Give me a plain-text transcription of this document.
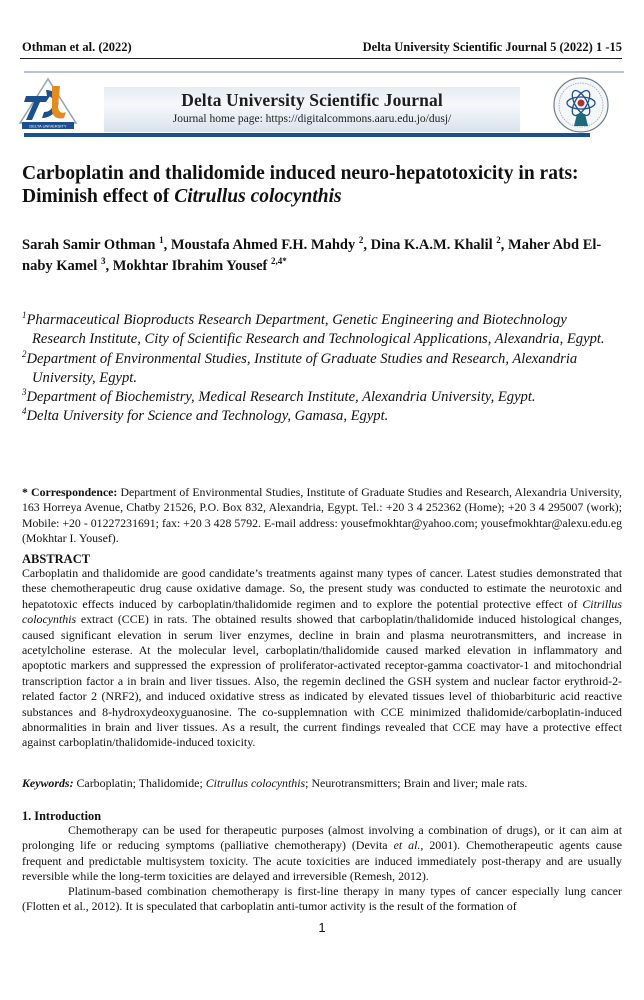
Othman et al. (2022)	Delta University Scientific Journal 5 (2022) 1 -15
DELTA UNIVERSITY
Delta University Scientific Journal
Journal home page: https://digitalcommons.aaru.edu.jo/dusj/
Carboplatin and thalidomide induced neuro-hepatotoxicity in rats: Diminish effect of Citrullus colocynthis
Sarah Samir Othman $^1$, Moustafa Ahmed F.H. Mahdy $^2$, Dina K.A.M. Khalil $^2$, Maher Abd El-naby Kamel $^3$, Mokhtar Ibrahim Yousef $^{2,4*}$
$^1$Pharmaceutical Bioproducts Research Department, Genetic Engineering and Biotechnology Research Institute, City of Scientific Research and Technological Applications, Alexandria, Egypt.
$^2$Department of Environmental Studies, Institute of Graduate Studies and Research, Alexandria University, Egypt.
$^3$Department of Biochemistry, Medical Research Institute, Alexandria University, Egypt.
$^4$Delta University for Science and Technology, Gamasa, Egypt.
* Correspondence: Department of Environmental Studies, Institute of Graduate Studies and Research, Alexandria University, 163 Horreya Avenue, Chatby 21526, P.O. Box 832, Alexandria, Egypt. Tel.: +20 3 4 252362 (Home); +20 3 4 295007 (work); Mobile: +20 - 01227231691; fax: +20 3 428 5792. E-mail address: yousefmokhtar@yahoo.com; yousefmokhtar@alexu.edu.eg (Mokhtar I. Yousef).
ABSTRACT
Carboplatin and thalidomide are good candidate’s treatments against many types of cancer. Latest studies demonstrated that these chemotherapeutic drug cause oxidative damage. So, the present study was conducted to estimate the neurotoxic and hepatotoxic effects induced by carboplatin/thalidomide regimen and to explore the potential protective effect of Citrillus colocynthis extract (CCE) in rats. The obtained results showed that carboplatin/thalidomide induced histological changes, caused significant elevation in serum liver enzymes, decline in brain and plasma neurotransmitters, and increase in acetylcholine esterase. At the molecular level, carboplatin/thalidomide caused marked elevation in inflammatory and apoptotic markers and suppressed the expression of proliferator-activated receptor-gamma coactivator-1 and mitochondrial transcription factor a in brain and liver tissues. Also, the regemin declined the GSH system and nuclear factor erythroid-2-related factor 2 (NRF2), and induced oxidative stress as indicated by elevated tissues level of thiobarbituric acid reactive substances and 8-hydroxydeoxyguanosine. The co-supplemnation with CCE minimized thalidomide/carboplatin-induced abnormalities in brain and liver tissues. As a result, the current findings revealed that CCE may have a protective effect against carboplatin/thalidomide-induced toxicity.
Keywords: Carboplatin; Thalidomide; Citrullus colocynthis; Neurotransmitters; Brain and liver; male rats.
1. Introduction

Chemotherapy can be used for therapeutic purposes (almost involving a combination of drugs), or it can aim at prolonging life or reducing symptoms (palliative chemotherapy) (Devita et al., 2001). Chemotherapeutic agents cause frequent and predictable multisystem toxicity. The acute toxicities are induced immediately post-therapy and are usually reversible while the long-term toxicities are delayed and irreversible (Remesh, 2012).

Platinum-based combination chemotherapy is first-line therapy in many types of cancer especially lung cancer (Flotten et al., 2012). It is speculated that carboplatin anti-tumor activity is the result of the formation of

1
